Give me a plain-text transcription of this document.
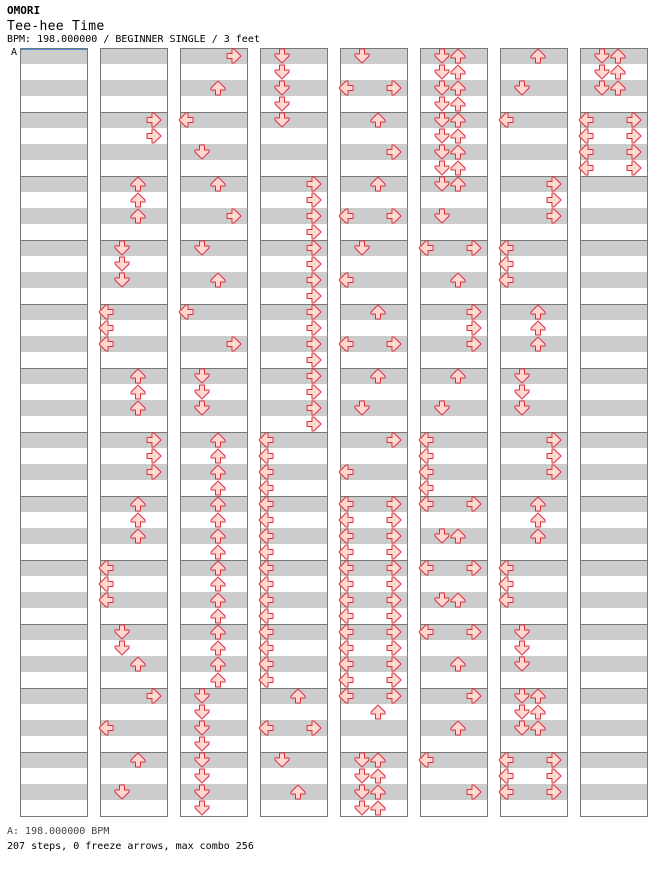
OMORI
Tee-hee Time
BPM: 198.000000 / BEGINNER SINGLE / 3 feet
A
A: 198.000000 BPM
207 steps, 0 freeze arrows, max combo 256
